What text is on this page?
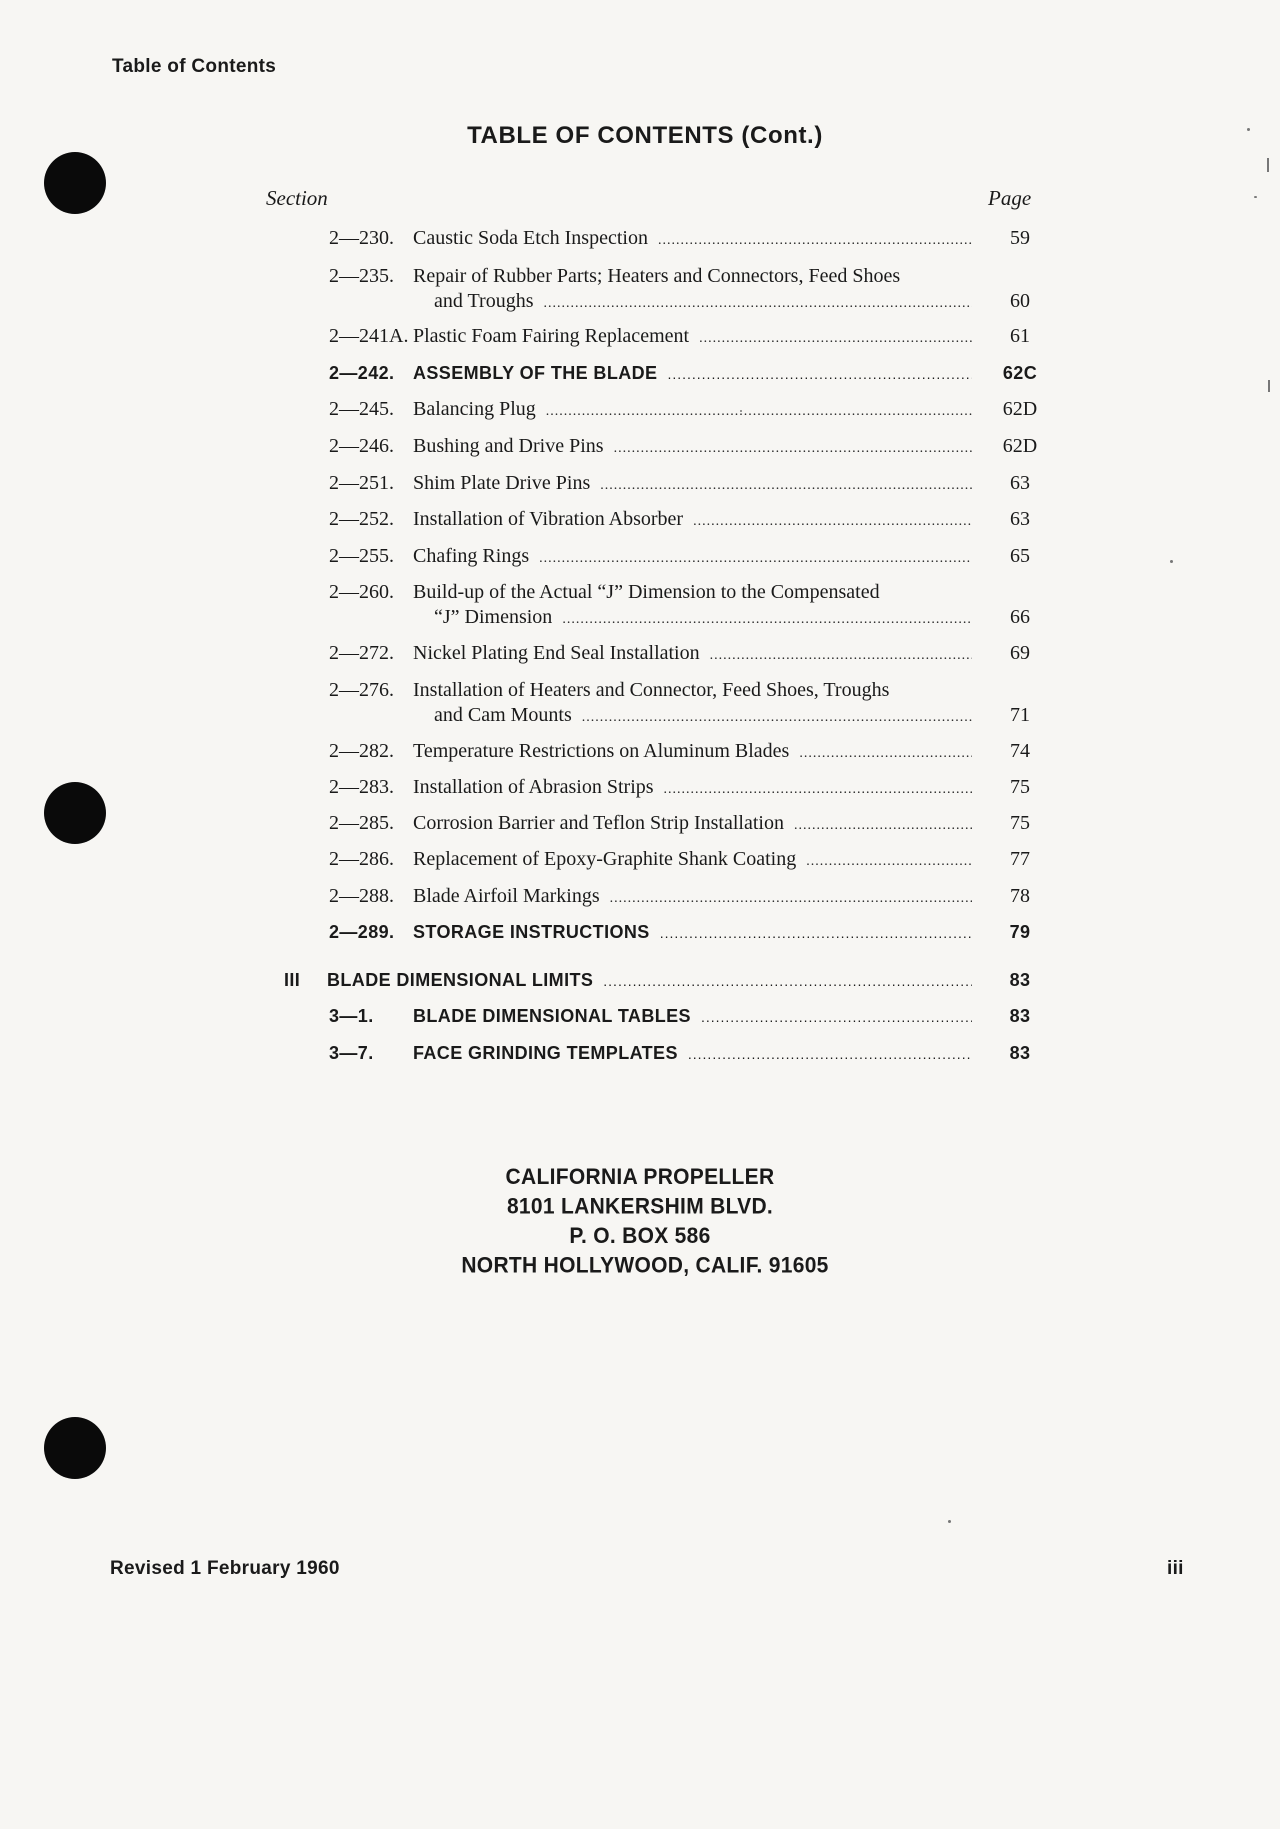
Table of Contents
TABLE OF CONTENTS (Cont.)
Section	Page
2—230. Caustic Soda Etch Inspection .....	59
2—235. Repair of Rubber Parts; Heaters and Connectors, Feed Shoes
and Troughs .....	60
2—241A. Plastic Foam Fairing Replacement .....	61
2—242. ASSEMBLY OF THE BLADE .....	62C
2—245. Balancing Plug .....	62D
2—246. Bushing and Drive Pins .....	62D
2—251. Shim Plate Drive Pins .....	63
2—252. Installation of Vibration Absorber .....	63
2—255. Chafing Rings .....	65
2—260. Build-up of the Actual “J” Dimension to the Compensated
“J” Dimension .....	66
2—272. Nickel Plating End Seal Installation .....	69
2—276. Installation of Heaters and Connector, Feed Shoes, Troughs
and Cam Mounts .....	71
2—282. Temperature Restrictions on Aluminum Blades .....	74
2—283. Installation of Abrasion Strips .....	75
2—285. Corrosion Barrier and Teflon Strip Installation .....	75
2—286. Replacement of Epoxy-Graphite Shank Coating .....	77
2—288. Blade Airfoil Markings .....	78
2—289. STORAGE INSTRUCTIONS .....	79
III BLADE DIMENSIONAL LIMITS .....	83
3—1. BLADE DIMENSIONAL TABLES .....	83
3—7. FACE GRINDING TEMPLATES .....	83
CALIFORNIA PROPELLER
8101 LANKERSHIM BLVD.
P. O. BOX 586
NORTH HOLLYWOOD, CALIF. 91605
Revised 1 February 1960	iii
